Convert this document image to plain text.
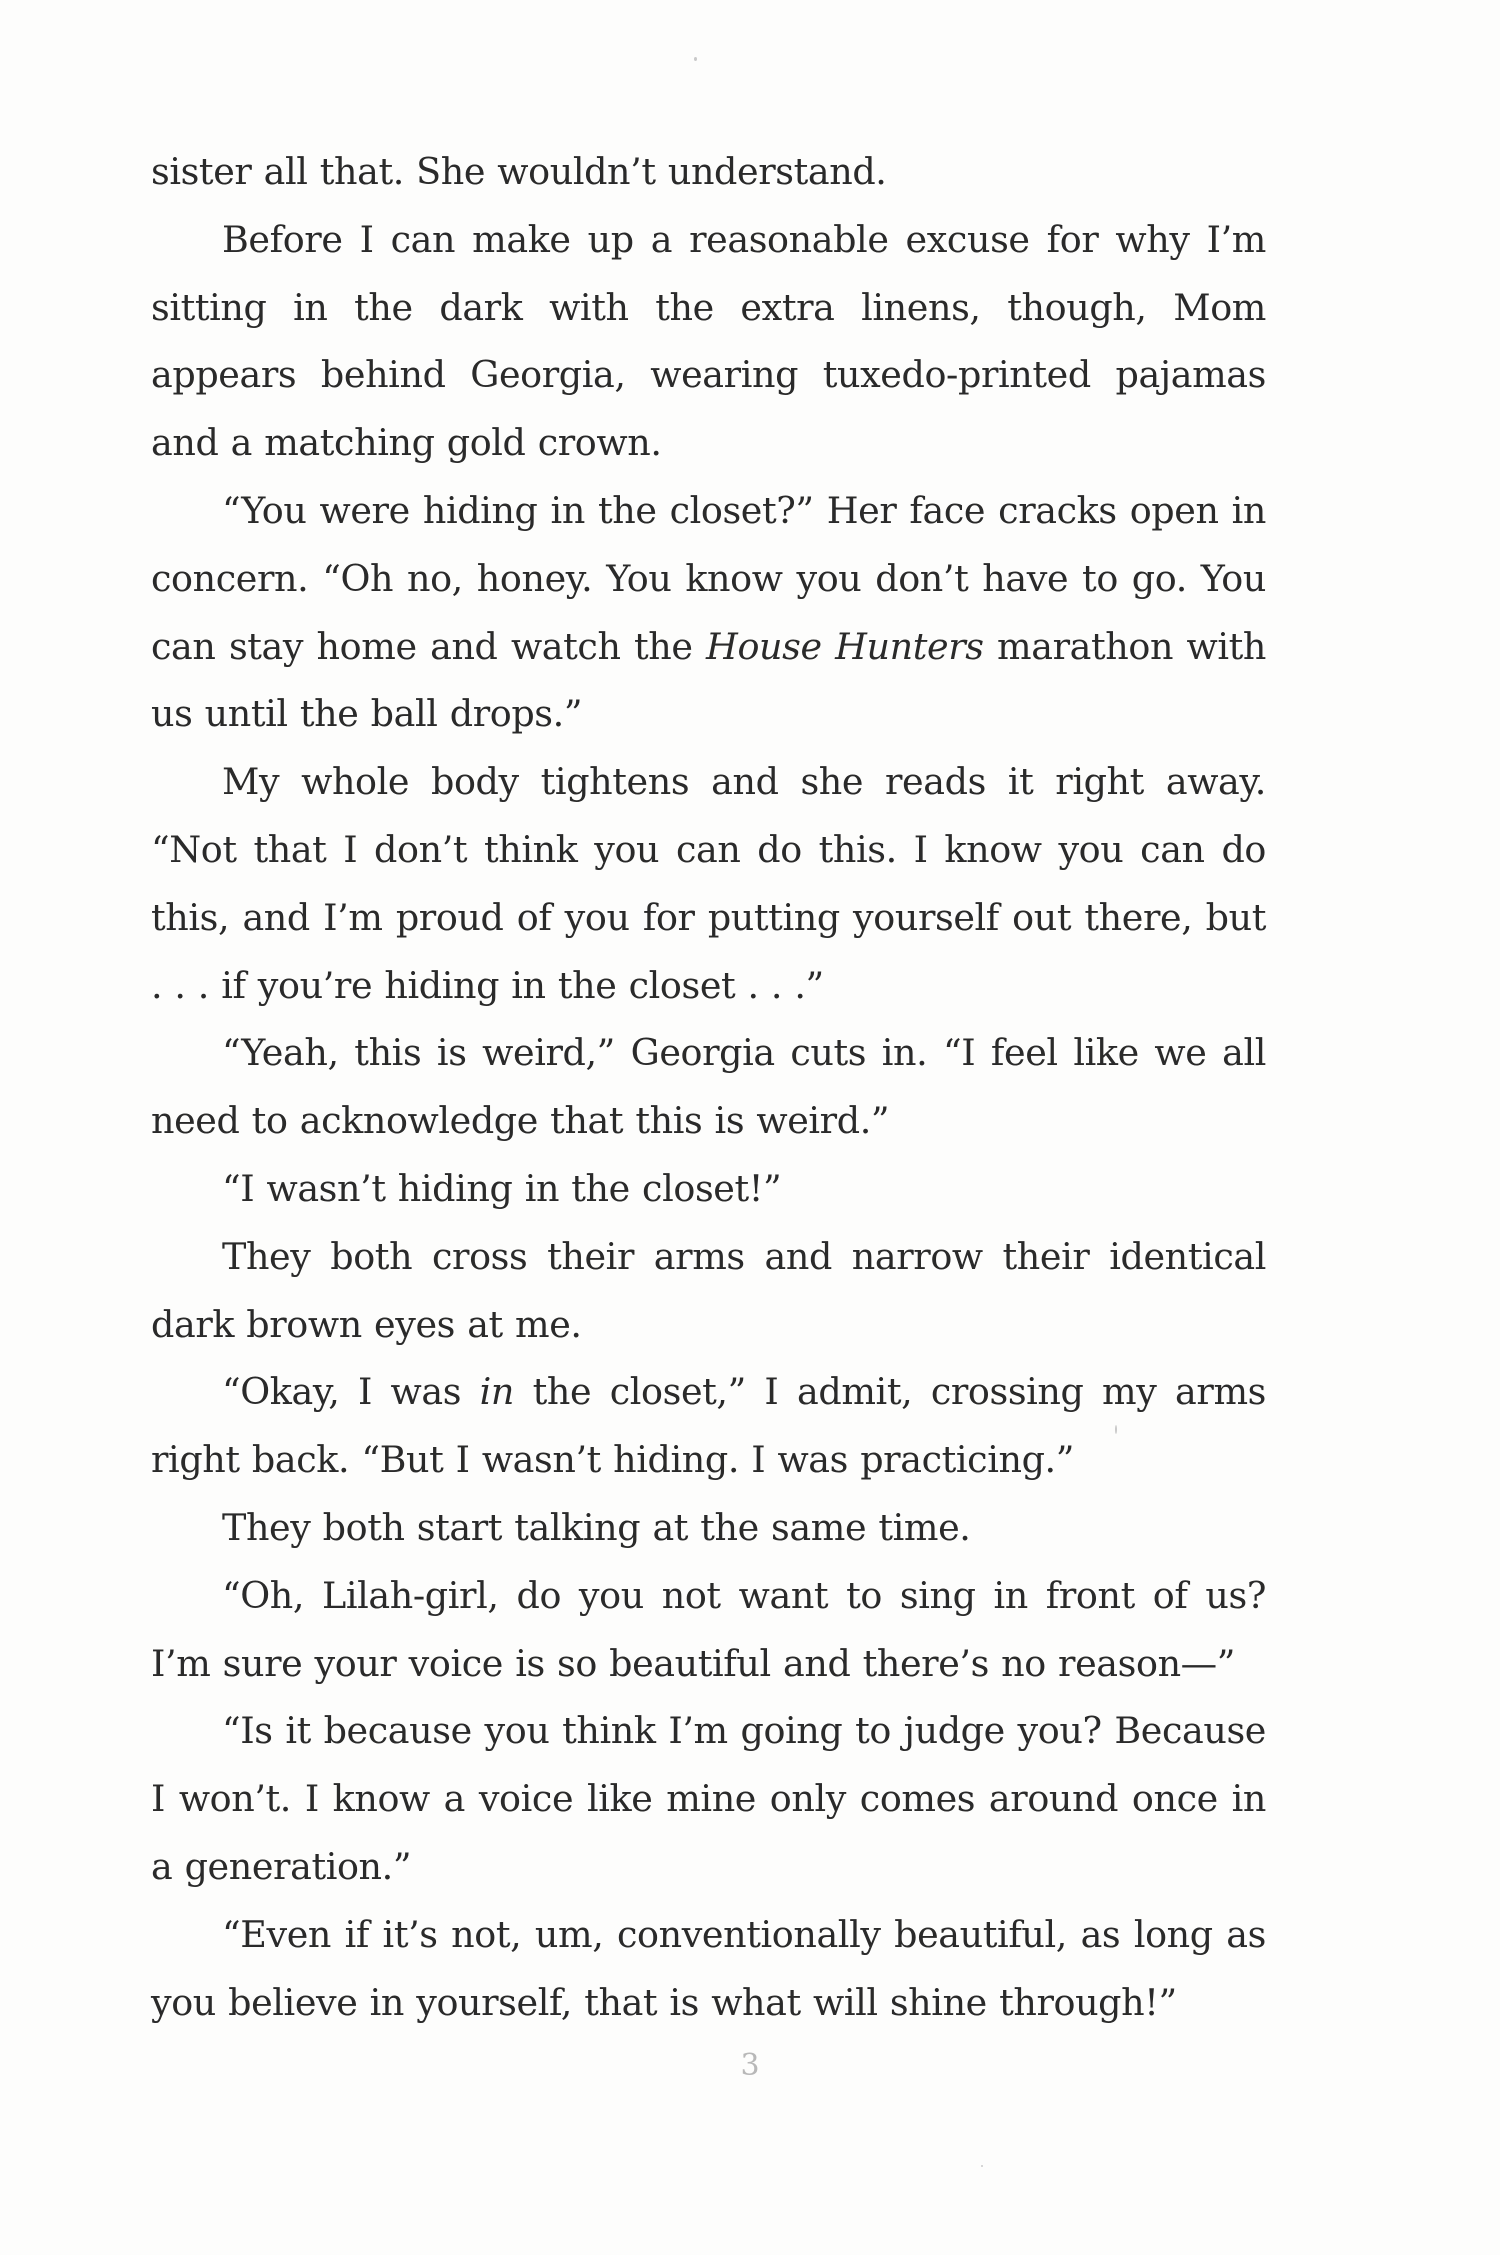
sister all that. She wouldn’t understand.

Before I can make up a reasonable excuse for why I’m sitting in the dark with the extra linens, though, Mom appears behind Georgia, wearing tuxedo-printed pajamas and a matching gold crown.

“You were hiding in the closet?” Her face cracks open in concern. “Oh no, honey. You know you don’t have to go. You can stay home and watch the House Hunters marathon with us until the ball drops.”

My whole body tightens and she reads it right away. “Not that I don’t think you can do this. I know you can do this, and I’m proud of you for putting yourself out there, but . . . if you’re hiding in the closet . . .”

“Yeah, this is weird,” Georgia cuts in. “I feel like we all need to acknowledge that this is weird.”

“I wasn’t hiding in the closet!”

They both cross their arms and narrow their identical dark brown eyes at me.

“Okay, I was in the closet,” I admit, crossing my arms right back. “But I wasn’t hiding. I was practicing.”

They both start talking at the same time.

“Oh, Lilah-girl, do you not want to sing in front of us? I’m sure your voice is so beautiful and there’s no reason—”

“Is it because you think I’m going to judge you? Because I won’t. I know a voice like mine only comes around once in a generation.”

“Even if it’s not, um, conventionally beautiful, as long as you believe in yourself, that is what will shine through!”

3
